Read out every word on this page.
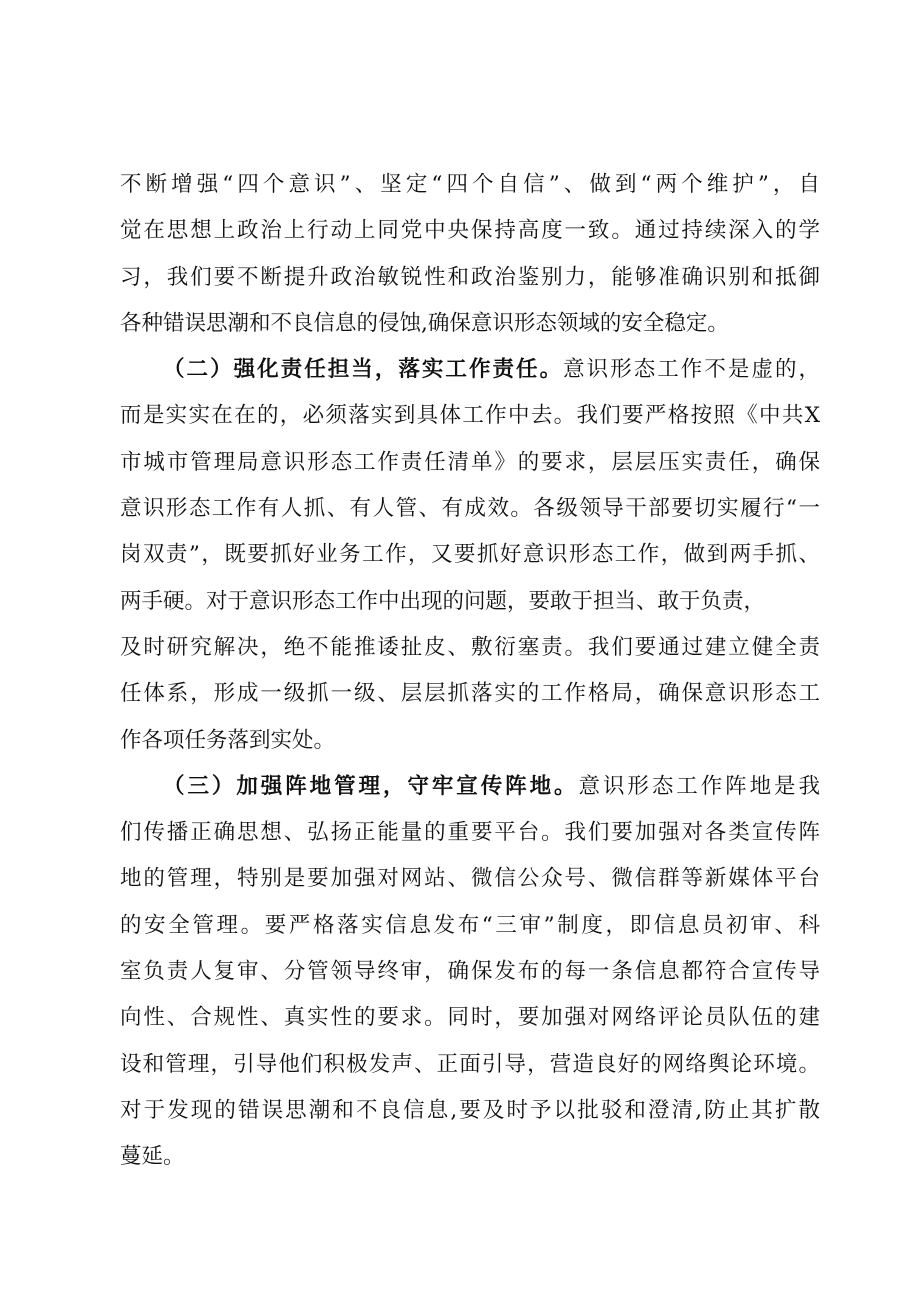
不断增强“四个意识”、坚定“四个自信”、做到“两个维护”，自
觉在思想上政治上行动上同党中央保持高度一致。通过持续深入的学
习，我们要不断提升政治敏锐性和政治鉴别力，能够准确识别和抵御
各种错误思潮和不良信息的侵蚀,确保意识形态领域的安全稳定。
（二）强化责任担当，落实工作责任。意识形态工作不是虚的，
而是实实在在的，必须落实到具体工作中去。我们要严格按照《中共X
市城市管理局意识形态工作责任清单》的要求，层层压实责任，确保
意识形态工作有人抓、有人管、有成效。各级领导干部要切实履行“一
岗双责”，既要抓好业务工作，又要抓好意识形态工作，做到两手抓、
两手硬。对于意识形态工作中出现的问题，要敢于担当、敢于负责，
及时研究解决，绝不能推诿扯皮、敷衍塞责。我们要通过建立健全责
任体系，形成一级抓一级、层层抓落实的工作格局，确保意识形态工
作各项任务落到实处。
（三）加强阵地管理，守牢宣传阵地。意识形态工作阵地是我
们传播正确思想、弘扬正能量的重要平台。我们要加强对各类宣传阵
地的管理，特别是要加强对网站、微信公众号、微信群等新媒体平台
的安全管理。要严格落实信息发布“三审”制度，即信息员初审、科
室负责人复审、分管领导终审，确保发布的每一条信息都符合宣传导
向性、合规性、真实性的要求。同时，要加强对网络评论员队伍的建
设和管理，引导他们积极发声、正面引导，营造良好的网络舆论环境。
对于发现的错误思潮和不良信息,要及时予以批驳和澄清,防止其扩散
蔓延。
